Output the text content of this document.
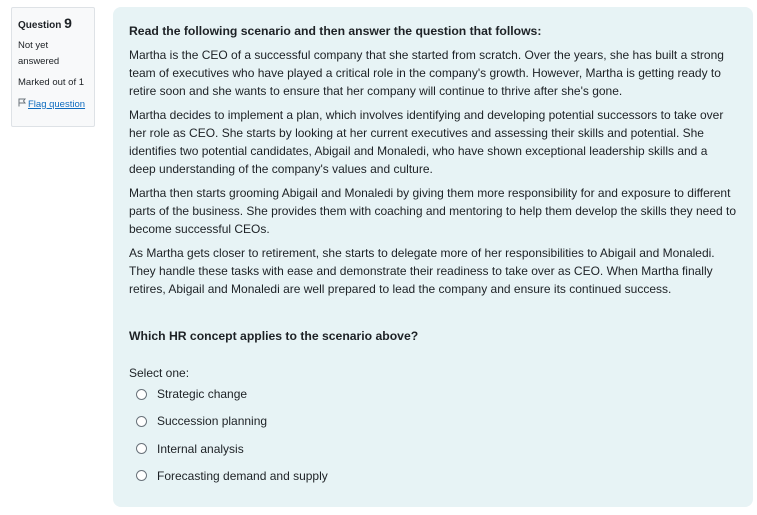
Question 9
Not yet answered
Marked out of 1
Flag question

Read the following scenario and then answer the question that follows:

Martha is the CEO of a successful company that she started from scratch. Over the years, she has built a strong team of executives who have played a critical role in the company's growth. However, Martha is getting ready to retire soon and she wants to ensure that her company will continue to thrive after she's gone.

Martha decides to implement a plan, which involves identifying and developing potential successors to take over her role as CEO. She starts by looking at her current executives and assessing their skills and potential. She identifies two potential candidates, Abigail and Monaledi, who have shown exceptional leadership skills and a deep understanding of the company's values and culture.

Martha then starts grooming Abigail and Monaledi by giving them more responsibility for and exposure to different parts of the business. She provides them with coaching and mentoring to help them develop the skills they need to become successful CEOs.

As Martha gets closer to retirement, she starts to delegate more of her responsibilities to Abigail and Monaledi. They handle these tasks with ease and demonstrate their readiness to take over as CEO. When Martha finally retires, Abigail and Monaledi are well prepared to lead the company and ensure its continued success.

Which HR concept applies to the scenario above?

Select one:

Strategic change
Succession planning
Internal analysis
Forecasting demand and supply
